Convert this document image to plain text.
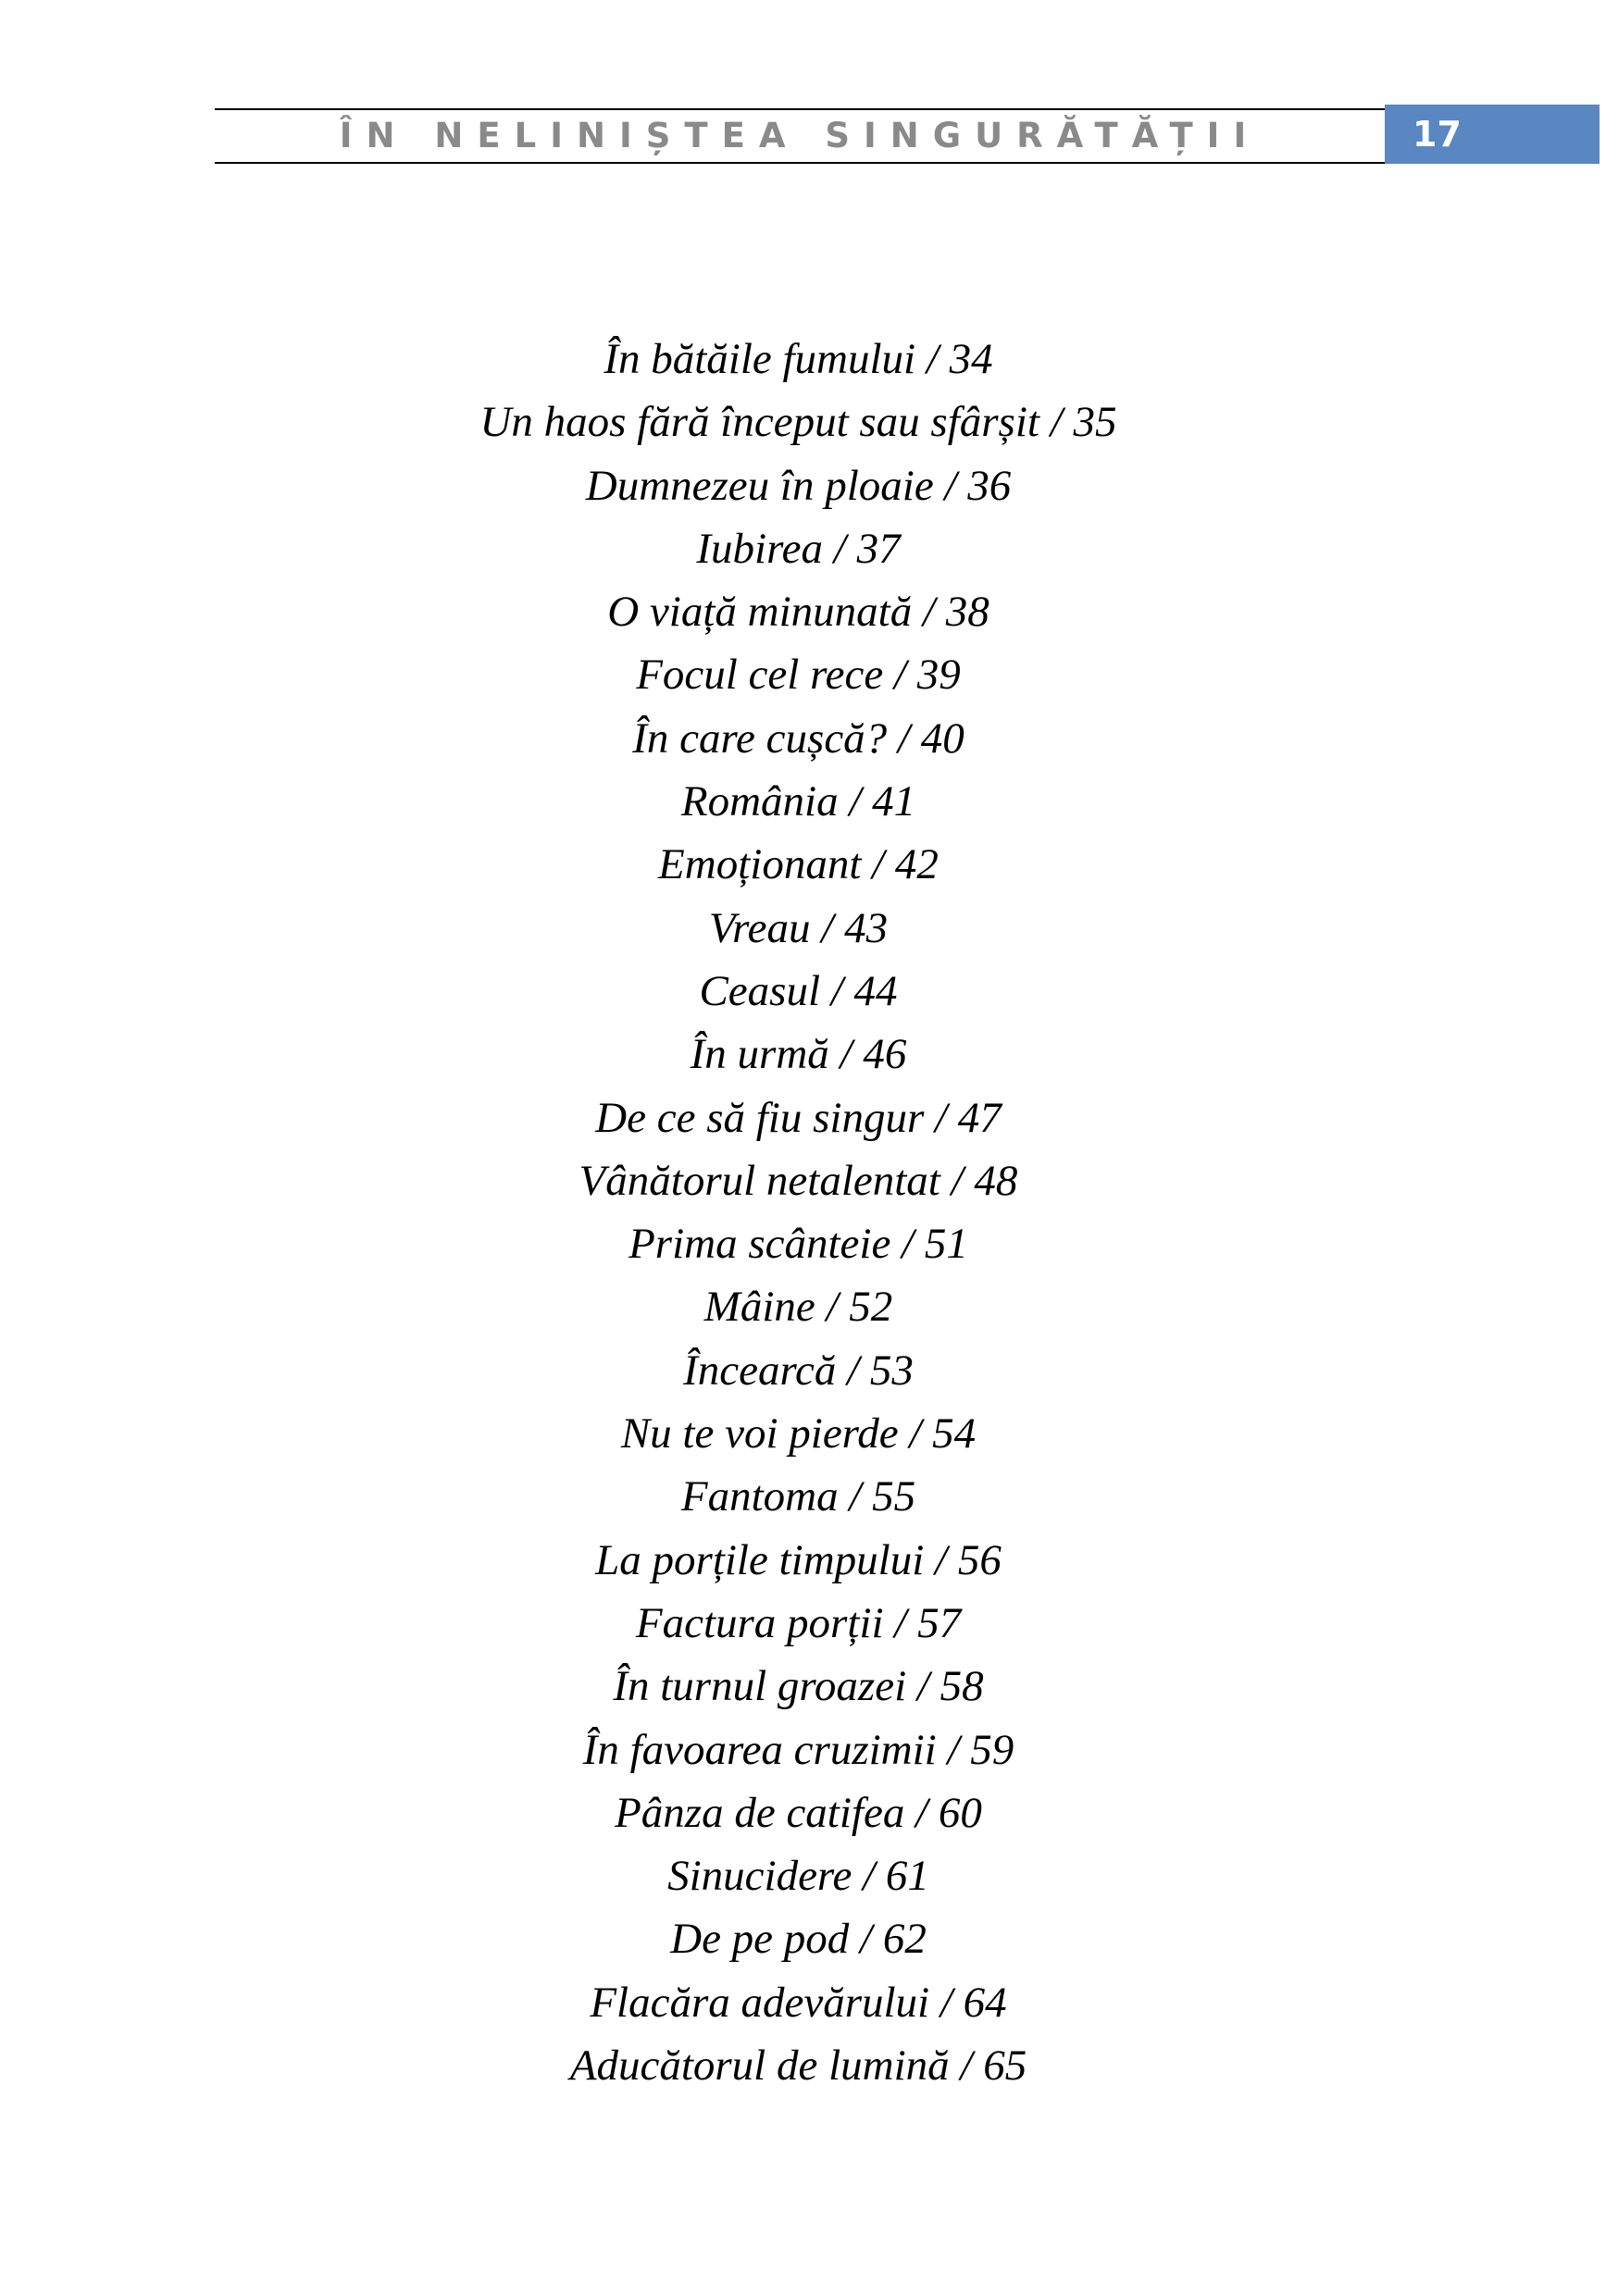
ÎN NELINIȘTEA SINGURĂTĂȚII	17
În bătăile fumului / 34
Un haos fără început sau sfârșit / 35
Dumnezeu în ploaie / 36
Iubirea / 37
O viață minunată / 38
Focul cel rece / 39
În care cușcă? / 40
România / 41
Emoționant / 42
Vreau / 43
Ceasul / 44
În urmă / 46
De ce să fiu singur / 47
Vânătorul netalentat / 48
Prima scânteie / 51
Mâine / 52
Încearcă / 53
Nu te voi pierde / 54
Fantoma / 55
La porțile timpului / 56
Factura porții / 57
În turnul groazei / 58
În favoarea cruzimii / 59
Pânza de catifea / 60
Sinucidere / 61
De pe pod / 62
Flacăra adevărului / 64
Aducătorul de lumină / 65
